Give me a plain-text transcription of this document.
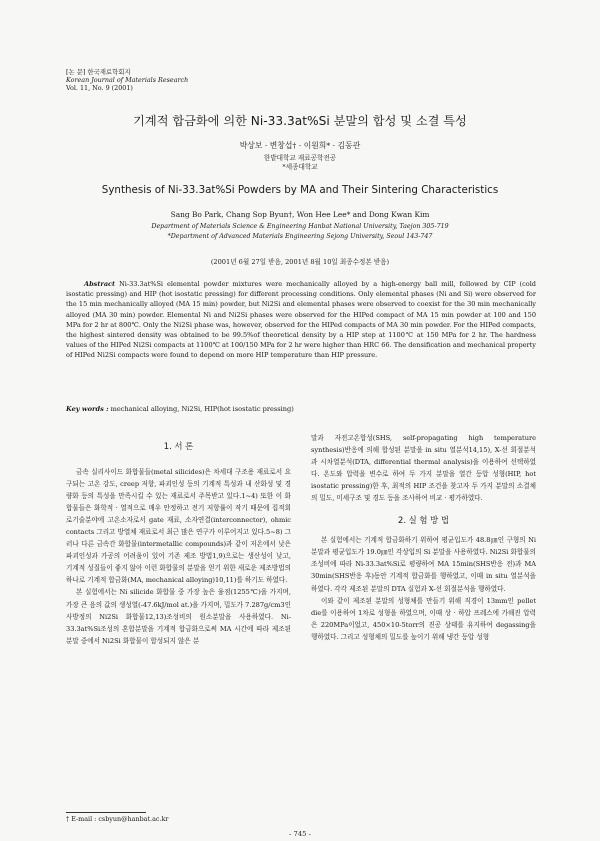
[논 문] 한국재료학회지
Korean Journal of Materials Research
Vol. 11, No. 9 (2001)
기계적 합금화에 의한 Ni-33.3at%Si 분말의 합성 및 소결 특성
박상보 · 변창섭† · 이원희* · 김동관
한밭대학교 재료공학전공
*세종대학교
Synthesis of Ni-33.3at%Si Powders by MA and Their Sintering Characteristics
Sang Bo Park, Chang Sop Byun†, Won Hee Lee* and Dong Kwan Kim
Department of Materials Science & Engineering Hanbat National University, Taejon 305-719
*Department of Advanced Materials Engineering Sejong University, Seoul 143-747
(2001년 6월 27일 받음, 2001년 8월 10일 최종수정본 받음)
Abstract Ni-33.3at%Si elemental powder mixtures were mechanically alloyed by a high-energy ball mill, followed by CIP (cold isostatic pressing) and HIP (hot isostatic pressing) for different processing conditions. Only elemental phases (Ni and Si) were observed for the 15 min mechanically alloyed (MA 15 min) powder, but Ni2Si and elemental phases were observed to coexist for the 30 min mechanically alloyed (MA 30 min) powder. Elemental Ni and Ni2Si phases were observed for the HIPed compact of MA 15 min powder at 100 and 150 MPa for 2 hr at 800℃. Only the Ni2Si phase was, however, observed for the HIPed compacts of MA 30 min powder. For the HIPed compacts, the highest sintered density was obtained to be 99.5%of theoretical density by a HIP step at 1100℃ at 150 MPa for 2 hr. The hardness values of the HIPed Ni2Si compacts at 1100℃ at 100/150 MPa for 2 hr were higher than HRC 66. The densification and mechanical property of HIPed Ni2Si compacts were found to depend on more HIP temperature than HIP pressure.
Key words : mechanical alloying, Ni2Si, HIP(hot isostatic pressing)
1. 서 론

금속 실리사이드 화합물들(metal silicides)은 차세대 구조용 재료로서 요구되는 고온 강도, creep 저항, 파괴인성 등의 기계적 특성과 내 산화성 및 경량화 등의 특성을 만족시킬 수 있는 재료로서 주목받고 있다.1~4) 또한 이 화합물들은 화학적 · 열적으로 매우 안정하고 전기 저항률이 작기 때문에 집적회로기술분야에 고온소자로서 gate 재료, 소자연결(interconnector), ohmic contacts 그리고 방열체 재료로서 최근 많은 연구가 이루어지고 있다.5~8) 그러나 다른 금속간 화합물(intermetallic compounds)과 같이 저온에서 낮은 파괴인성과 가공의 어려움이 있어 기존 제조 방법1,9)으로는 생산성이 낮고, 기계적 성질들이 좋지 않아 이런 화합물의 분말을 얻기 위한 새로운 제조방법의 하나로 기계적 합금화(MA, mechanical alloying)10,11)를 하기도 하였다.

본 실험에서는 Ni silicide 화합물 중 가장 높은 융점(1255℃)을 가지며, 가장 큰 음의 값의 생성열(-47.6kJ/mol at.)을 가지며, 밀도가 7.287g/cm3인 사방정의 Ni2Si 화합물12,13)조성비의 원소분말을 사용하였다. Ni-33.3at%Si조성의 혼합분말을 기계적 합금화으로써 MA 시간에 따라 제조된 분말 중에서 Ni2Si 화합물이 합성되지 않은 분

말과 자전고온합성(SHS, self-propagating high temperature synthesis)반응에 의해 합성된 분말을 in situ 열분석14,15), X-선 회절분석과 시차열분석(DTA, differential thermal analysis)을 이용하여 선택하였다. 온도와 압력을 변수로 하여 두 가지 분말을 열간 등압 성형(HIP, hot isostatic pressing)한 후, 최적의 HIP 조건을 찾고자 두 가지 분말의 소결체의 밀도, 미세구조 및 경도 등을 조사하여 비교 · 평가하였다.

2. 실 험 방 법

본 실험에서는 기계적 합금화하기 위하여 평균입도가 48.8㎛인 구형의 Ni분말과 평균입도가 19.0㎛인 각상입의 Si 분말을 사용하였다. Ni2Si 화합물의 조성비에 따라 Ni-33.3at%Si로 평량하여 MA 15min(SHS반응 전)과 MA 30min(SHS반응 후)동안 기계적 합금화를 행하였고, 이때 in situ 열분석을 하였다. 각각 제조된 분말의 DTA 실험과 X-선 회절분석을 행하였다.

이와 같이 제조된 분말의 성형체를 만들기 위해 직경이 13mm인 pellet die를 이용하여 1차로 성형을 하였으며, 이때 상 · 하압 프레스에 가해진 압력은 220MPa이었고, 450×10-5torr의 진공 상태를 유지하여 degassing을 행하였다. 그리고 성형체의 밀도를 높이기 위해 냉간 등압 성형

† E-mail : csbyun@hanbat.ac.kr
- 745 -
